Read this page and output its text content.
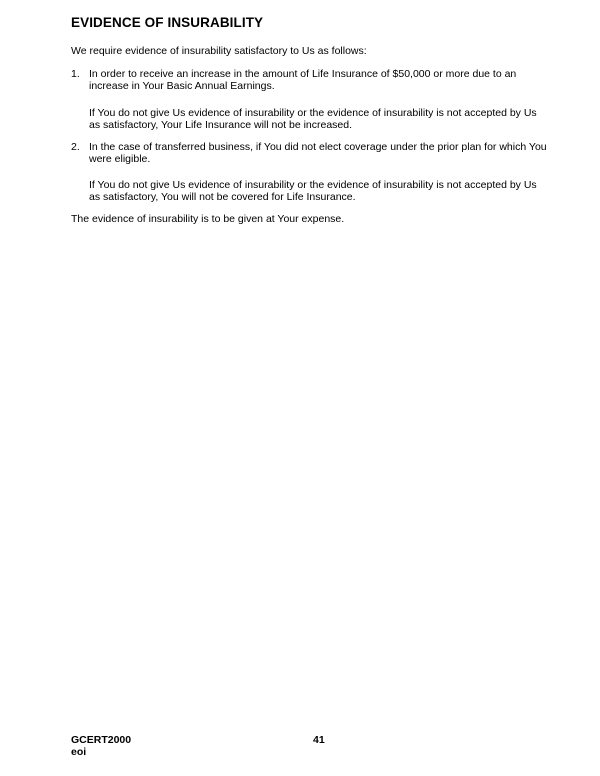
EVIDENCE OF INSURABILITY

We require evidence of insurability satisfactory to Us as follows:

1. In order to receive an increase in the amount of Life Insurance of $50,000 or more due to an increase in Your Basic Annual Earnings.

If You do not give Us evidence of insurability or the evidence of insurability is not accepted by Us as satisfactory, Your Life Insurance will not be increased.

2. In the case of transferred business, if You did not elect coverage under the prior plan for which You were eligible.

If You do not give Us evidence of insurability or the evidence of insurability is not accepted by Us as satisfactory, You will not be covered for Life Insurance.

The evidence of insurability is to be given at Your expense.

GCERT2000
eoi
41
